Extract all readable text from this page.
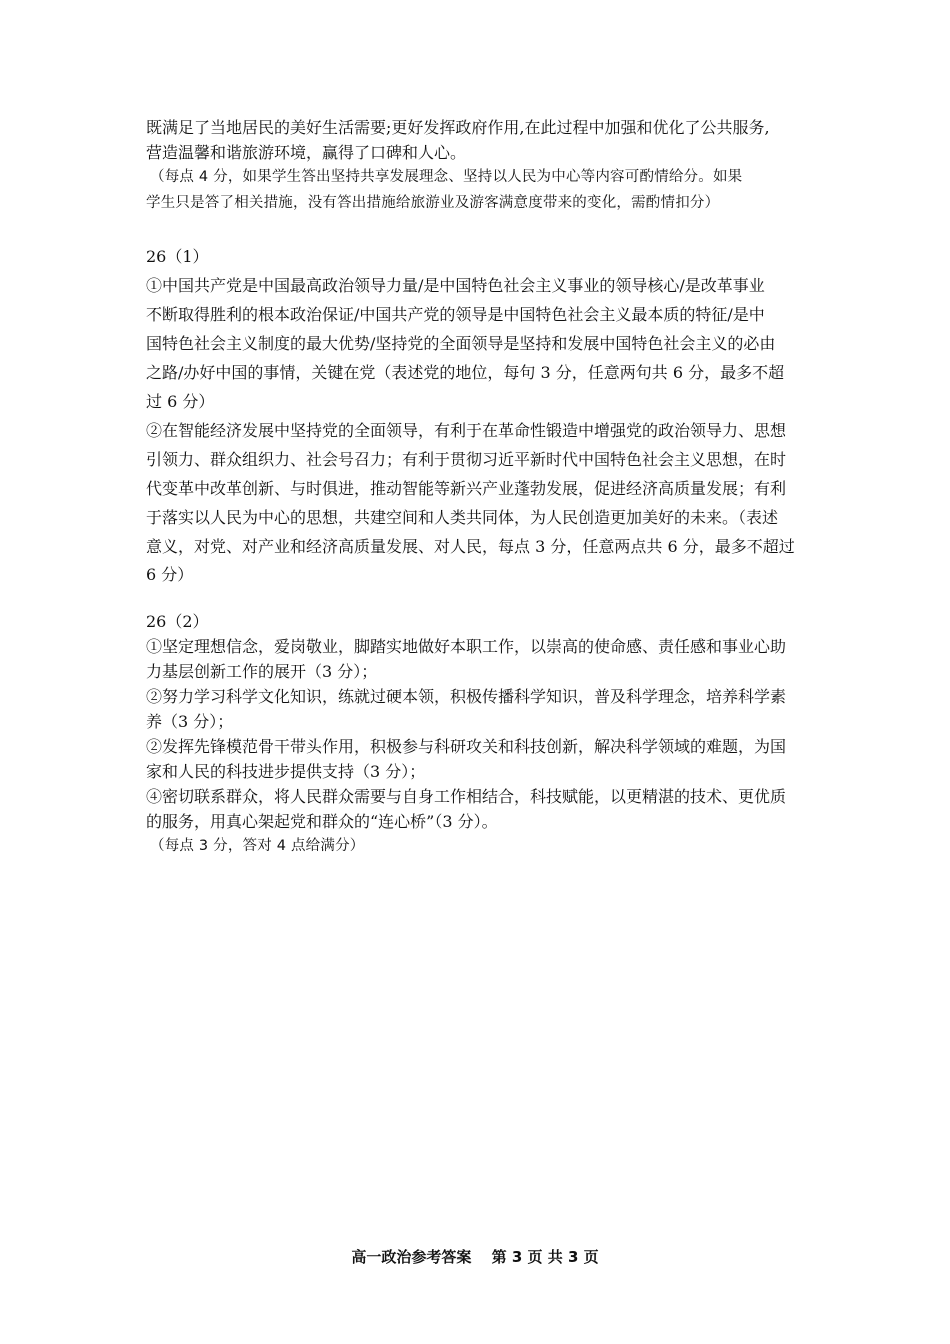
既满足了当地居民的美好生活需要;更好发挥政府作用,在此过程中加强和优化了公共服务,
营造温馨和谐旅游环境，赢得了口碑和人心。
（每点 4 分，如果学生答出坚持共享发展理念、坚持以人民为中心等内容可酌情给分。如果
学生只是答了相关措施，没有答出措施给旅游业及游客满意度带来的变化，需酌情扣分）
26（1）
①中国共产党是中国最高政治领导力量/是中国特色社会主义事业的领导核心/是改革事业
不断取得胜利的根本政治保证/中国共产党的领导是中国特色社会主义最本质的特征/是中
国特色社会主义制度的最大优势/坚持党的全面领导是坚持和发展中国特色社会主义的必由
之路/办好中国的事情，关键在党（表述党的地位，每句 3 分，任意两句共 6 分，最多不超
过 6 分）
②在智能经济发展中坚持党的全面领导，有利于在革命性锻造中增强党的政治领导力、思想
引领力、群众组织力、社会号召力；有利于贯彻习近平新时代中国特色社会主义思想，在时
代变革中改革创新、与时俱进，推动智能等新兴产业蓬勃发展，促进经济高质量发展；有利
于落实以人民为中心的思想，共建空间和人类共同体，为人民创造更加美好的未来。（表述
意义，对党、对产业和经济高质量发展、对人民，每点 3 分，任意两点共 6 分，最多不超过
6 分）
26（2）
①坚定理想信念，爱岗敬业，脚踏实地做好本职工作，以崇高的使命感、责任感和事业心助
力基层创新工作的展开（3 分）；
②努力学习科学文化知识，练就过硬本领，积极传播科学知识，普及科学理念，培养科学素
养（3 分）；
②发挥先锋模范骨干带头作用，积极参与科研攻关和科技创新，解决科学领域的难题，为国
家和人民的科技进步提供支持（3 分）；
④密切联系群众，将人民群众需要与自身工作相结合，科技赋能，以更精湛的技术、更优质
的服务，用真心架起党和群众的“连心桥”（3 分）。
（每点 3 分，答对 4 点给满分）
高一政治参考答案　 第 3 页 共 3 页
